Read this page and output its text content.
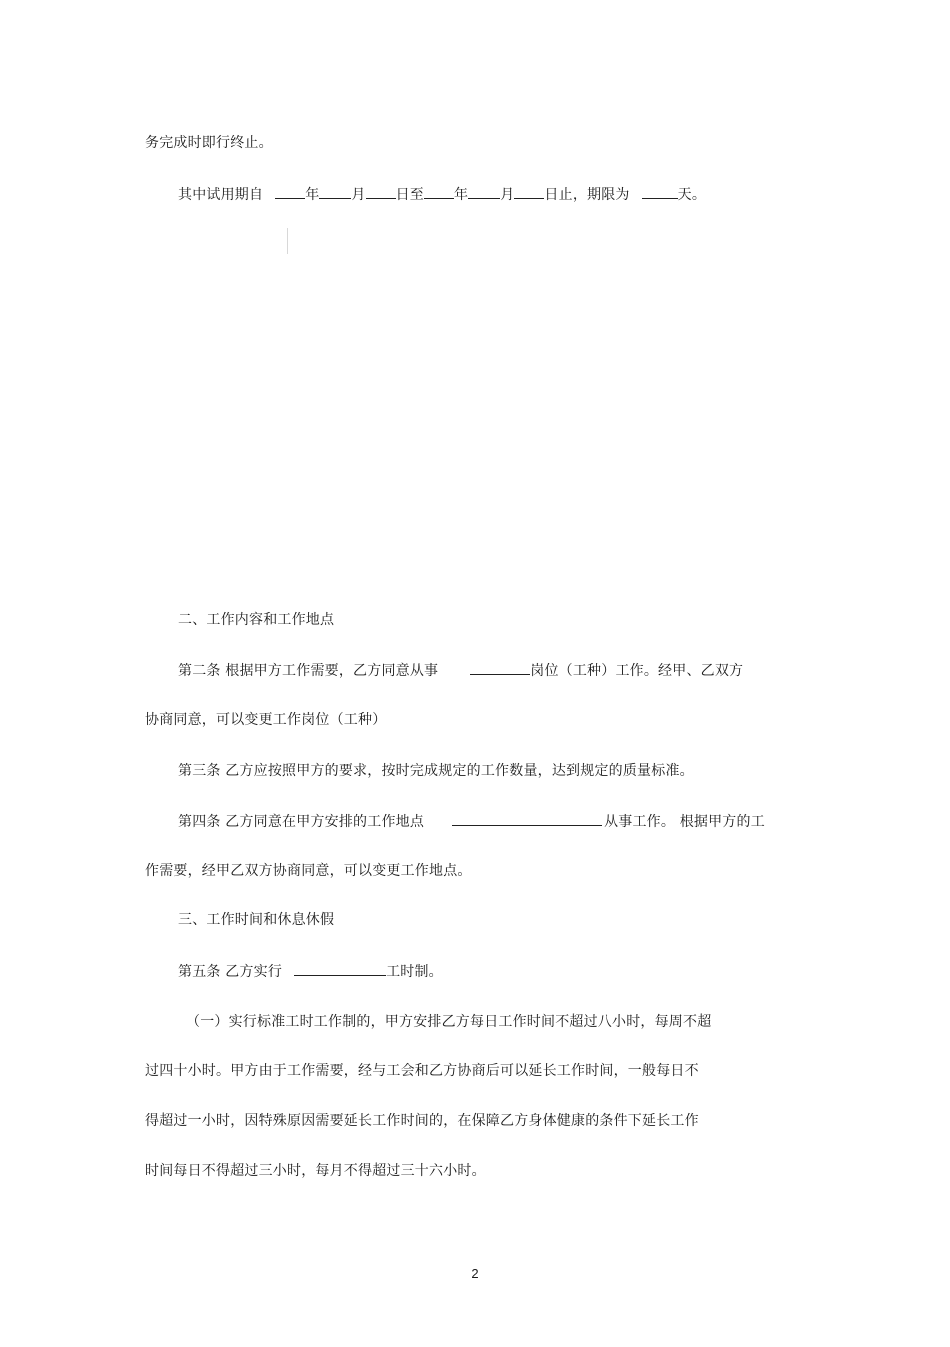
务完成时即行终止。
其中试用期自	年 月 日至 年 月 日止，期限为	天。
二、工作内容和工作地点
第二条 根据甲方工作需要，乙方同意从事	岗位（工种）工作。经甲、乙双方
协商同意，可以变更工作岗位（工种）
第三条 乙方应按照甲方的要求，按时完成规定的工作数量，达到规定的质量标准。
第四条 乙方同意在甲方安排的工作地点	从事工作。 根据甲方的工
作需要，经甲乙双方协商同意，可以变更工作地点。
三、工作时间和休息休假
第五条 乙方实行	工时制。
（一）实行标准工时工作制的，甲方安排乙方每日工作时间不超过八小时，每周不超
过四十小时。甲方由于工作需要，经与工会和乙方协商后可以延长工作时间，一般每日不
得超过一小时，因特殊原因需要延长工作时间的，在保障乙方身体健康的条件下延长工作
时间每日不得超过三小时，每月不得超过三十六小时。
2
